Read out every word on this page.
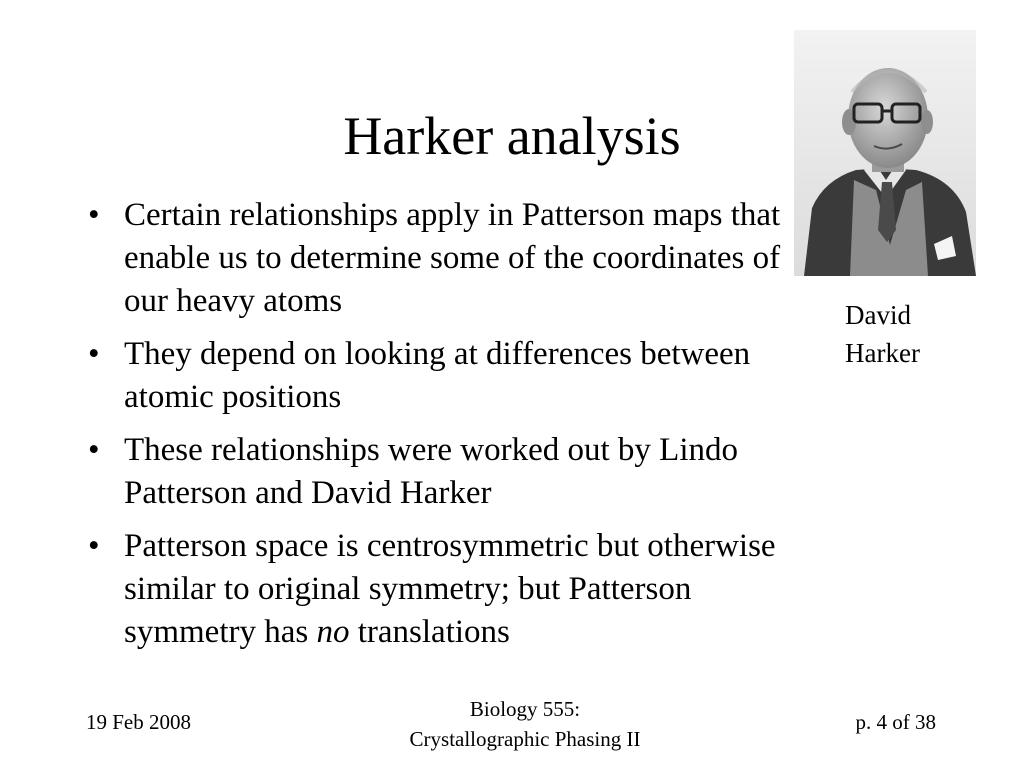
Harker analysis
• Certain relationships apply in Patterson maps that enable us to determine some of the coordinates of our heavy atoms
• They depend on looking at differences between atomic positions
• These relationships were worked out by Lindo Patterson and David Harker
• Patterson space is centrosymmetric but otherwise similar to original symmetry; but Patterson symmetry has no translations
David
Harker
19 Feb 2008
Biology 555:
Crystallographic Phasing II
p. 4 of 38
